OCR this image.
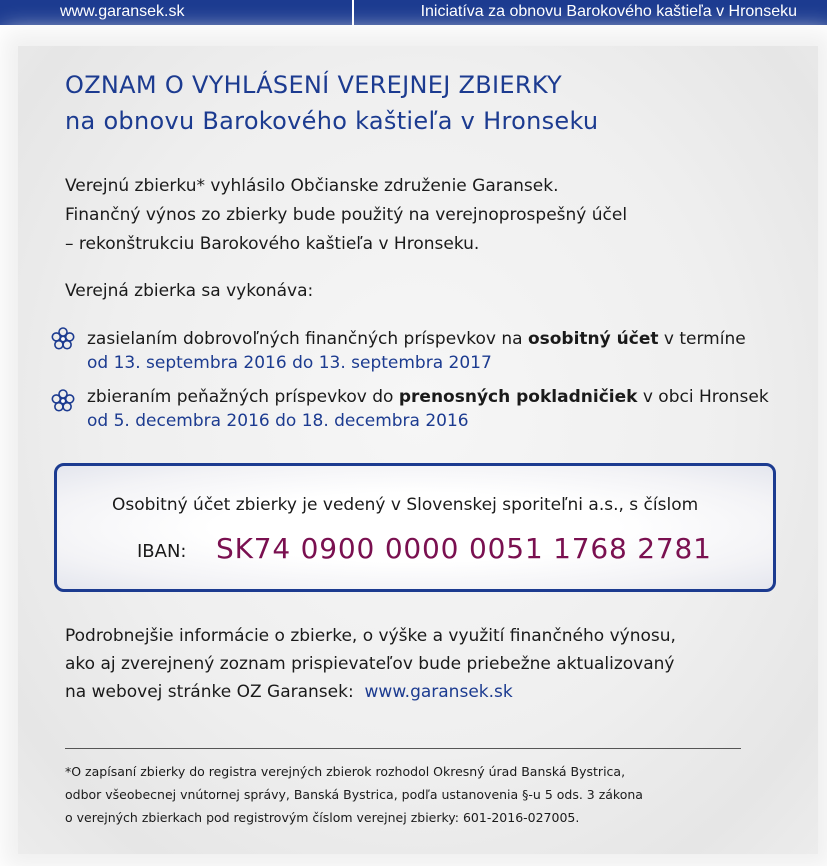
www.garansek.sk	Iniciatíva za obnovu Barokového kaštieľa v Hronseku
OZNAM O VYHLÁSENÍ VEREJNEJ ZBIERKY
na obnovu Barokového kaštieľa v Hronseku
Verejnú zbierku* vyhlásilo Občianske združenie Garansek.
Finančný výnos zo zbierky bude použitý na verejnoprospešný účel
– rekonštrukciu Barokového kaštieľa v Hronseku.
Verejná zbierka sa vykonáva:
zasielaním dobrovoľných finančných príspevkov na osobitný účet v termíne
od 13. septembra 2016 do 13. septembra 2017
zbieraním peňažných príspevkov do prenosných pokladničiek v obci Hronsek
od 5. decembra 2016 do 18. decembra 2016
Osobitný účet zbierky je vedený v Slovenskej sporiteľni a.s., s číslom
IBAN: SK74 0900 0000 0051 1768 2781
Podrobnejšie informácie o zbierke, o výške a využití finančného výnosu,
ako aj zverejnený zoznam prispievateľov bude priebežne aktualizovaný
na webovej stránke OZ Garansek: www.garansek.sk
*O zapísaní zbierky do registra verejných zbierok rozhodol Okresný úrad Banská Bystrica,
odbor všeobecnej vnútornej správy, Banská Bystrica, podľa ustanovenia §-u 5 ods. 3 zákona
o verejných zbierkach pod registrovým číslom verejnej zbierky: 601-2016-027005.
